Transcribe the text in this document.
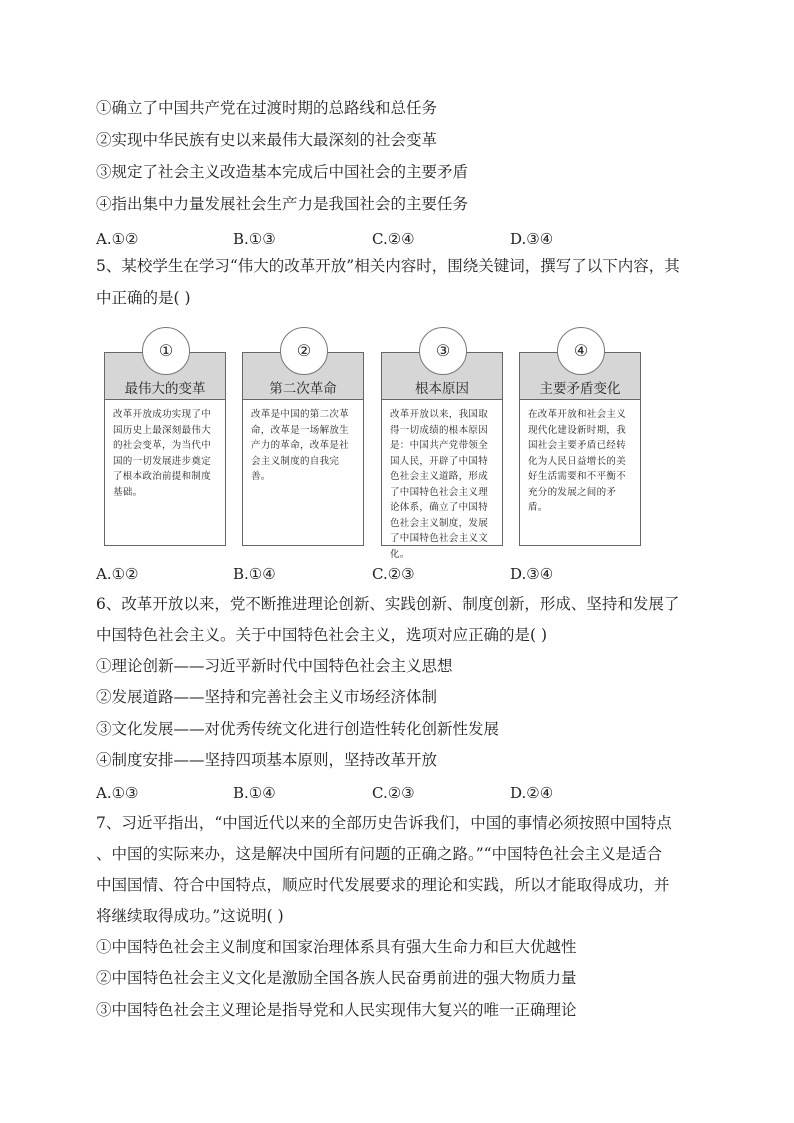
①确立了中国共产党在过渡时期的总路线和总任务
②实现中华民族有史以来最伟大最深刻的社会变革
③规定了社会主义改造基本完成后中国社会的主要矛盾
④指出集中力量发展社会生产力是我国社会的主要任务
A.①②	B.①③	C.②④	D.③④
5、某校学生在学习“伟大的改革开放”相关内容时，围绕关键词，撰写了以下内容，其
中正确的是( )
①
最伟大的变革
改革开放成功实现了中国历史上最深刻最伟大的社会变革，为当代中国的一切发展进步奠定了根本政治前提和制度基础。
②
第二次革命
改革是中国的第二次革命，改革是一场解放生产力的革命，改革是社会主义制度的自我完善。
③
根本原因
改革开放以来，我国取得一切成绩的根本原因是：中国共产党带领全国人民，开辟了中国特色社会主义道路，形成了中国特色社会主义理论体系，确立了中国特色社会主义制度，发展了中国特色社会主义文化。
④
主要矛盾变化
在改革开放和社会主义现代化建设新时期，我国社会主要矛盾已经转化为人民日益增长的美好生活需要和不平衡不充分的发展之间的矛盾。
A.①②	B.①④	C.②③	D.③④
6、改革开放以来，党不断推进理论创新、实践创新、制度创新，形成、坚持和发展了
中国特色社会主义。关于中国特色社会主义，选项对应正确的是( )
①理论创新——习近平新时代中国特色社会主义思想
②发展道路——坚持和完善社会主义市场经济体制
③文化发展——对优秀传统文化进行创造性转化创新性发展
④制度安排——坚持四项基本原则，坚持改革开放
A.①③	B.①④	C.②③	D.②④
7、习近平指出，“中国近代以来的全部历史告诉我们，中国的事情必须按照中国特点
、中国的实际来办，这是解决中国所有问题的正确之路。”“中国特色社会主义是适合
中国国情、符合中国特点，顺应时代发展要求的理论和实践，所以才能取得成功，并
将继续取得成功。”这说明( )
①中国特色社会主义制度和国家治理体系具有强大生命力和巨大优越性
②中国特色社会主义文化是激励全国各族人民奋勇前进的强大物质力量
③中国特色社会主义理论是指导党和人民实现伟大复兴的唯一正确理论
